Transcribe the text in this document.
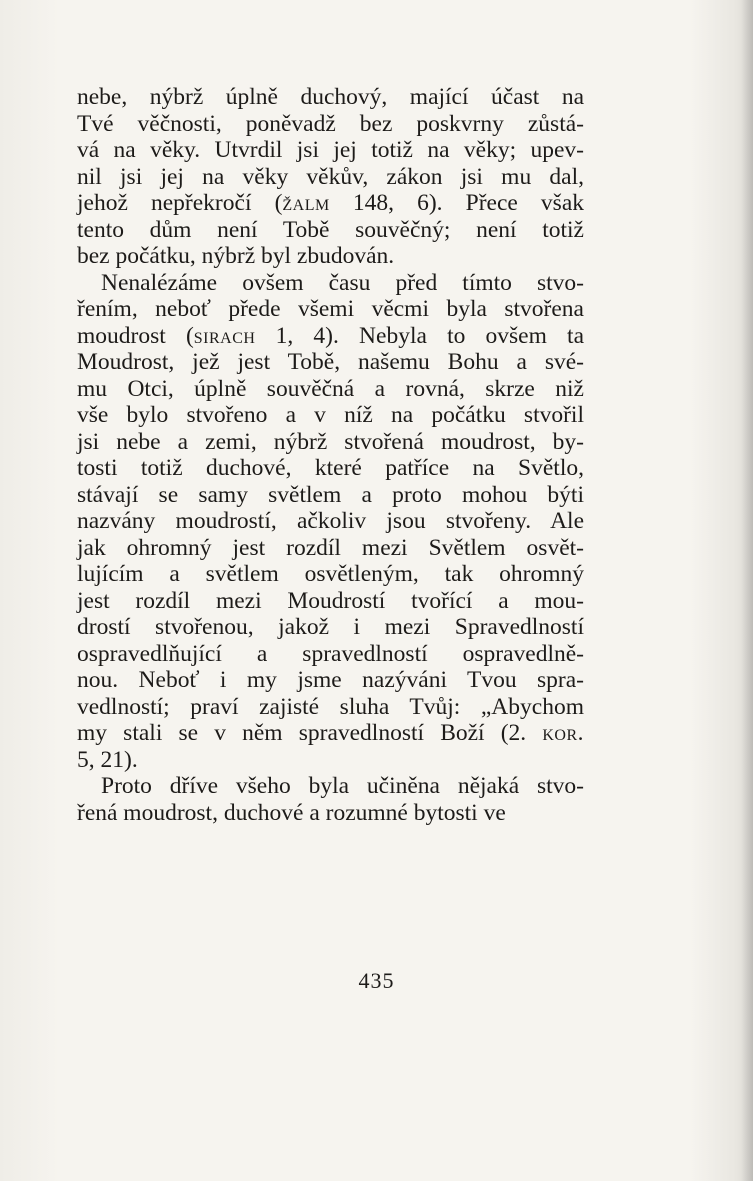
nebe, nýbrž úplně duchový, mající účast na
Tvé věčnosti, poněvadž bez poskvrny zůstá-
vá na věky. Utvrdil jsi jej totiž na věky; upev-
nil jsi jej na věky věkův, zákon jsi mu dal,
jehož nepřekročí (žalm 148, 6). Přece však
tento dům není Tobě souvěčný; není totiž
bez počátku, nýbrž byl zbudován.
Nenalézáme ovšem času před tímto stvo-
řením, neboť přede všemi věcmi byla stvořena
moudrost (sirach 1, 4). Nebyla to ovšem ta
Moudrost, jež jest Tobě, našemu Bohu a své-
mu Otci, úplně souvěčná a rovná, skrze niž
vše bylo stvořeno a v níž na počátku stvořil
jsi nebe a zemi, nýbrž stvořená moudrost, by-
tosti totiž duchové, které patříce na Světlo,
stávají se samy světlem a proto mohou býti
nazvány moudrostí, ačkoliv jsou stvořeny. Ale
jak ohromný jest rozdíl mezi Světlem osvět-
lujícím a světlem osvětleným, tak ohromný
jest rozdíl mezi Moudrostí tvořící a mou-
drostí stvořenou, jakož i mezi Spravedlností
ospravedlňující a spravedlností ospravedlně-
nou. Neboť i my jsme nazýváni Tvou spra-
vedlností; praví zajisté sluha Tvůj: „Abychom
my stali se v něm spravedlností Boží (2. kor.
5, 21).
Proto dříve všeho byla učiněna nějaká stvo-
řená moudrost, duchové a rozumné bytosti ve
435
